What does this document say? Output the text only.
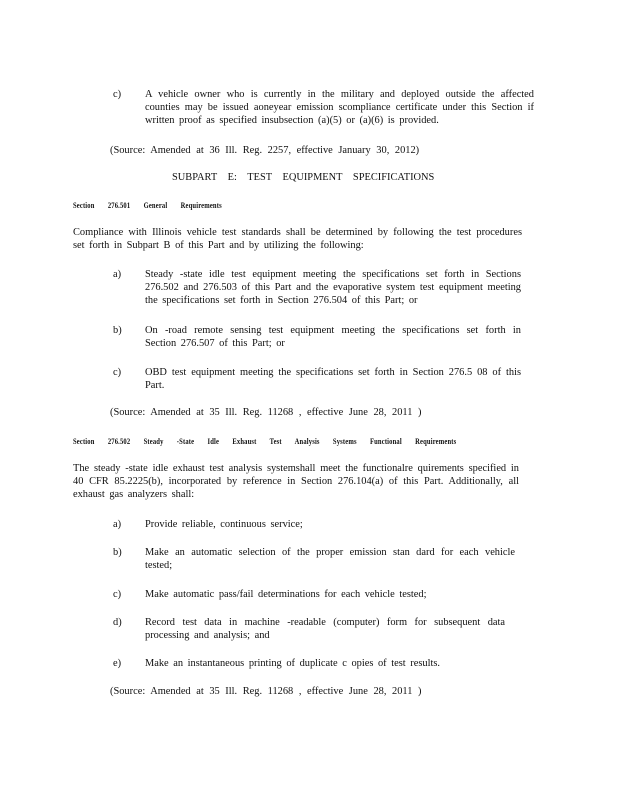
c) A vehicle owner who is currently in the military and deployed outside the affected counties may be issued aoneyear emission scompliance certificate under this Section if written proof as specified insubsection (a)(5) or (a)(6) is provided.
(Source: Amended at 36 Ill. Reg. 2257, effective January 30, 2012)
SUBPART E: TEST EQUIPMENT SPECIFICATIONS
Section 276.501 General Requirements
Compliance with Illinois vehicle test standards shall be determined by following the test procedures set forth in Subpart B of this Part and by utilizing the following:
a) Steady -state idle test equipment meeting the specifications set forth in Sections 276.502 and 276.503 of this Part and the evaporative system test equipment meeting the specifications set forth in Section 276.504 of this Part; or
b) On -road remote sensing test equipment meeting the specifications set forth in Section 276.507 of this Part; or
c) OBD test equipment meeting the specifications set forth in Section 276.5 08 of this Part.
(Source: Amended at 35 Ill. Reg. 11268 , effective June 28, 2011 )
Section 276.502 Steady -State Idle Exhaust Test Analysis Systems Functional Requirements
The steady -state idle exhaust test analysis systemshall meet the functionalre quirements specified in 40 CFR 85.2225(b), incorporated by reference in Section 276.104(a) of this Part. Additionally, all exhaust gas analyzers shall:
a) Provide reliable, continuous service;
b) Make an automatic selection of the proper emission stan dard for each vehicle tested;
c) Make automatic pass/fail determinations for each vehicle tested;
d) Record test data in machine -readable (computer) form for subsequent data processing and analysis; and
e) Make an instantaneous printing of duplicate c opies of test results.
(Source: Amended at 35 Ill. Reg. 11268 , effective June 28, 2011 )
